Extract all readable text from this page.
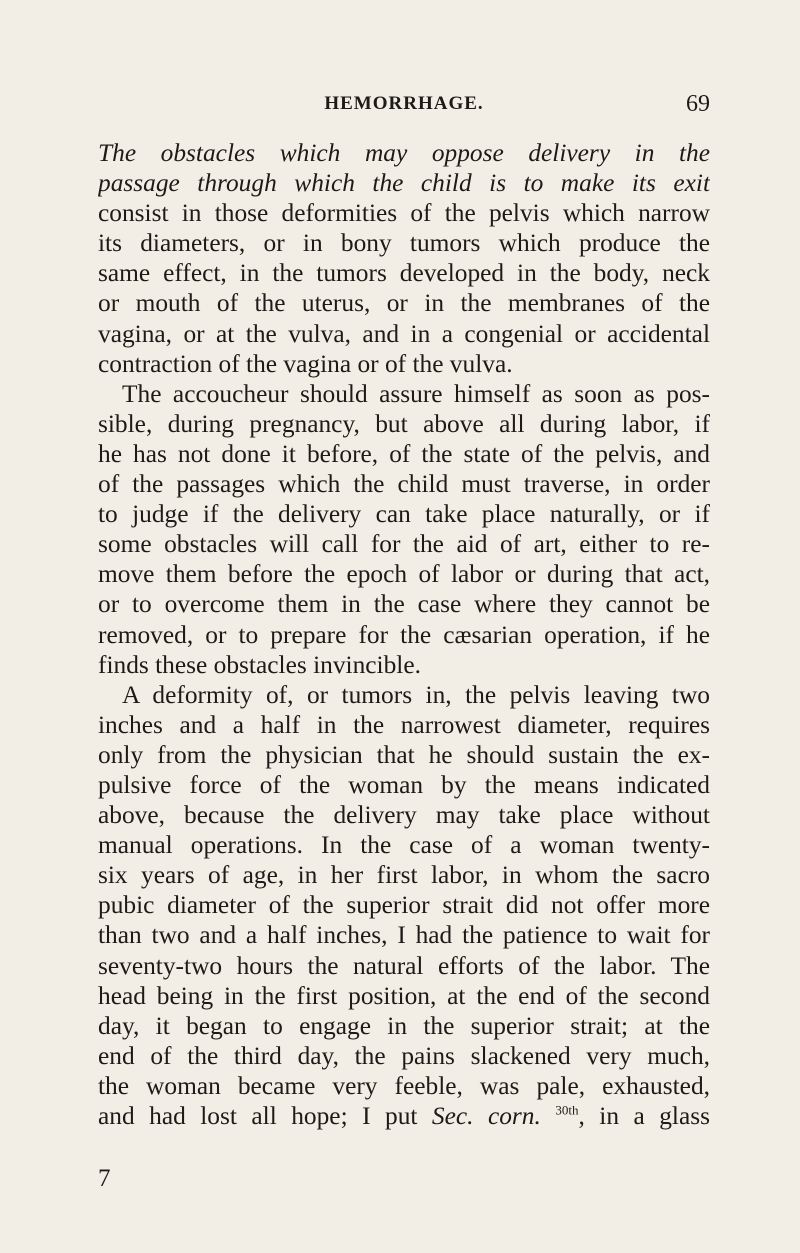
HEMORRHAGE.	69
The obstacles which may oppose delivery in the
passage through which the child is to make its exit
consist in those deformities of the pelvis which narrow
its diameters, or in bony tumors which produce the
same effect, in the tumors developed in the body, neck
or mouth of the uterus, or in the membranes of the
vagina, or at the vulva, and in a congenial or accidental
contraction of the vagina or of the vulva.
The accoucheur should assure himself as soon as pos-
sible, during pregnancy, but above all during labor, if
he has not done it before, of the state of the pelvis, and
of the passages which the child must traverse, in order
to judge if the delivery can take place naturally, or if
some obstacles will call for the aid of art, either to re-
move them before the epoch of labor or during that act,
or to overcome them in the case where they cannot be
removed, or to prepare for the cæsarian operation, if he
finds these obstacles invincible.
A deformity of, or tumors in, the pelvis leaving two
inches and a half in the narrowest diameter, requires
only from the physician that he should sustain the ex-
pulsive force of the woman by the means indicated
above, because the delivery may take place without
manual operations. In the case of a woman twenty-
six years of age, in her first labor, in whom the sacro
pubic diameter of the superior strait did not offer more
than two and a half inches, I had the patience to wait for
seventy-two hours the natural efforts of the labor. The
head being in the first position, at the end of the second
day, it began to engage in the superior strait; at the
end of the third day, the pains slackened very much,
the woman became very feeble, was pale, exhausted,
and had lost all hope; I put Sec. corn. $^{30th}$, in a glass
7
